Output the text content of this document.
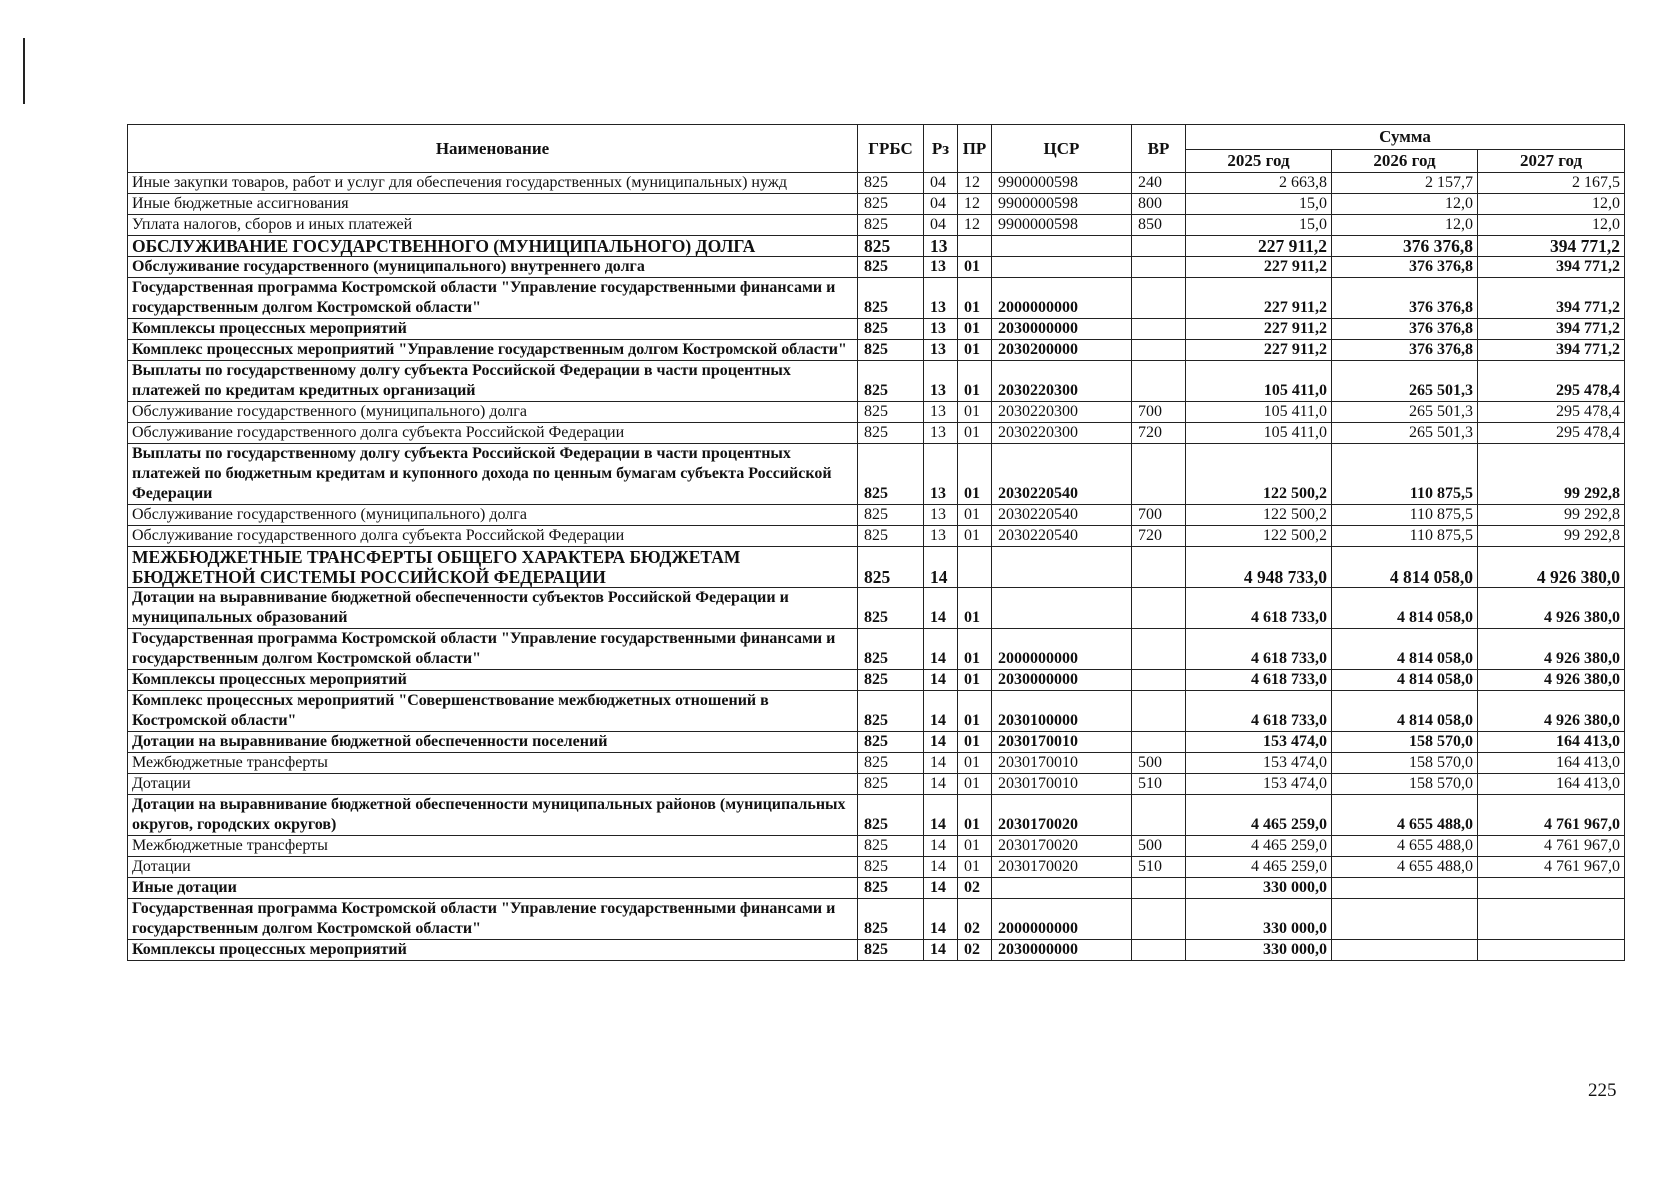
Наименование	ГРБС	Рз	ПР	ЦСР	ВР	Сумма		
						2025 год	2026 год	2027 год
Иные закупки товаров, работ и услуг для обеспечения государственных (муниципальных) нужд	825	04	12	9900000598	240	2 663,8	2 157,7	2 167,5
Иные бюджетные ассигнования	825	04	12	9900000598	800	15,0	12,0	12,0
Уплата налогов, сборов и иных платежей	825	04	12	9900000598	850	15,0	12,0	12,0
ОБСЛУЖИВАНИЕ ГОСУДАРСТВЕННОГО (МУНИЦИПАЛЬНОГО) ДОЛГА	825	13				227 911,2	376 376,8	394 771,2
Обслуживание государственного (муниципального) внутреннего долга	825	13	01			227 911,2	376 376,8	394 771,2
Государственная программа Костромской области "Управление государственными финансами и государственным долгом Костромской области"	825	13	01	2000000000		227 911,2	376 376,8	394 771,2
Комплексы процессных мероприятий	825	13	01	2030000000		227 911,2	376 376,8	394 771,2
Комплекс процессных мероприятий "Управление государственным долгом Костромской области"	825	13	01	2030200000		227 911,2	376 376,8	394 771,2
Выплаты по государственному долгу субъекта Российской Федерации в части процентных платежей по кредитам кредитных организаций	825	13	01	2030220300		105 411,0	265 501,3	295 478,4
Обслуживание государственного (муниципального) долга	825	13	01	2030220300	700	105 411,0	265 501,3	295 478,4
Обслуживание государственного долга субъекта Российской Федерации	825	13	01	2030220300	720	105 411,0	265 501,3	295 478,4
Выплаты по государственному долгу субъекта Российской Федерации в части процентных платежей по бюджетным кредитам и купонного дохода по ценным бумагам субъекта Российской Федерации	825	13	01	2030220540		122 500,2	110 875,5	99 292,8
Обслуживание государственного (муниципального) долга	825	13	01	2030220540	700	122 500,2	110 875,5	99 292,8
Обслуживание государственного долга субъекта Российской Федерации	825	13	01	2030220540	720	122 500,2	110 875,5	99 292,8
МЕЖБЮДЖЕТНЫЕ ТРАНСФЕРТЫ ОБЩЕГО ХАРАКТЕРА БЮДЖЕТАМ БЮДЖЕТНОЙ СИСТЕМЫ РОССИЙСКОЙ ФЕДЕРАЦИИ	825	14				4 948 733,0	4 814 058,0	4 926 380,0
Дотации на выравнивание бюджетной обеспеченности субъектов Российской Федерации и муниципальных образований	825	14	01			4 618 733,0	4 814 058,0	4 926 380,0
Государственная программа Костромской области "Управление государственными финансами и государственным долгом Костромской области"	825	14	01	2000000000		4 618 733,0	4 814 058,0	4 926 380,0
Комплексы процессных мероприятий	825	14	01	2030000000		4 618 733,0	4 814 058,0	4 926 380,0
Комплекс процессных мероприятий "Совершенствование межбюджетных отношений в Костромской области"	825	14	01	2030100000		4 618 733,0	4 814 058,0	4 926 380,0
Дотации на выравнивание бюджетной обеспеченности поселений	825	14	01	2030170010		153 474,0	158 570,0	164 413,0
Межбюджетные трансферты	825	14	01	2030170010	500	153 474,0	158 570,0	164 413,0
Дотации	825	14	01	2030170010	510	153 474,0	158 570,0	164 413,0
Дотации на выравнивание бюджетной обеспеченности муниципальных районов (муниципальных округов, городских округов)	825	14	01	2030170020		4 465 259,0	4 655 488,0	4 761 967,0
Межбюджетные трансферты	825	14	01	2030170020	500	4 465 259,0	4 655 488,0	4 761 967,0
Дотации	825	14	01	2030170020	510	4 465 259,0	4 655 488,0	4 761 967,0
Иные дотации	825	14	02			330 000,0		
Государственная программа Костромской области "Управление государственными финансами и государственным долгом Костромской области"	825	14	02	2000000000		330 000,0		
Комплексы процессных мероприятий	825	14	02	2030000000		330 000,0		
225
